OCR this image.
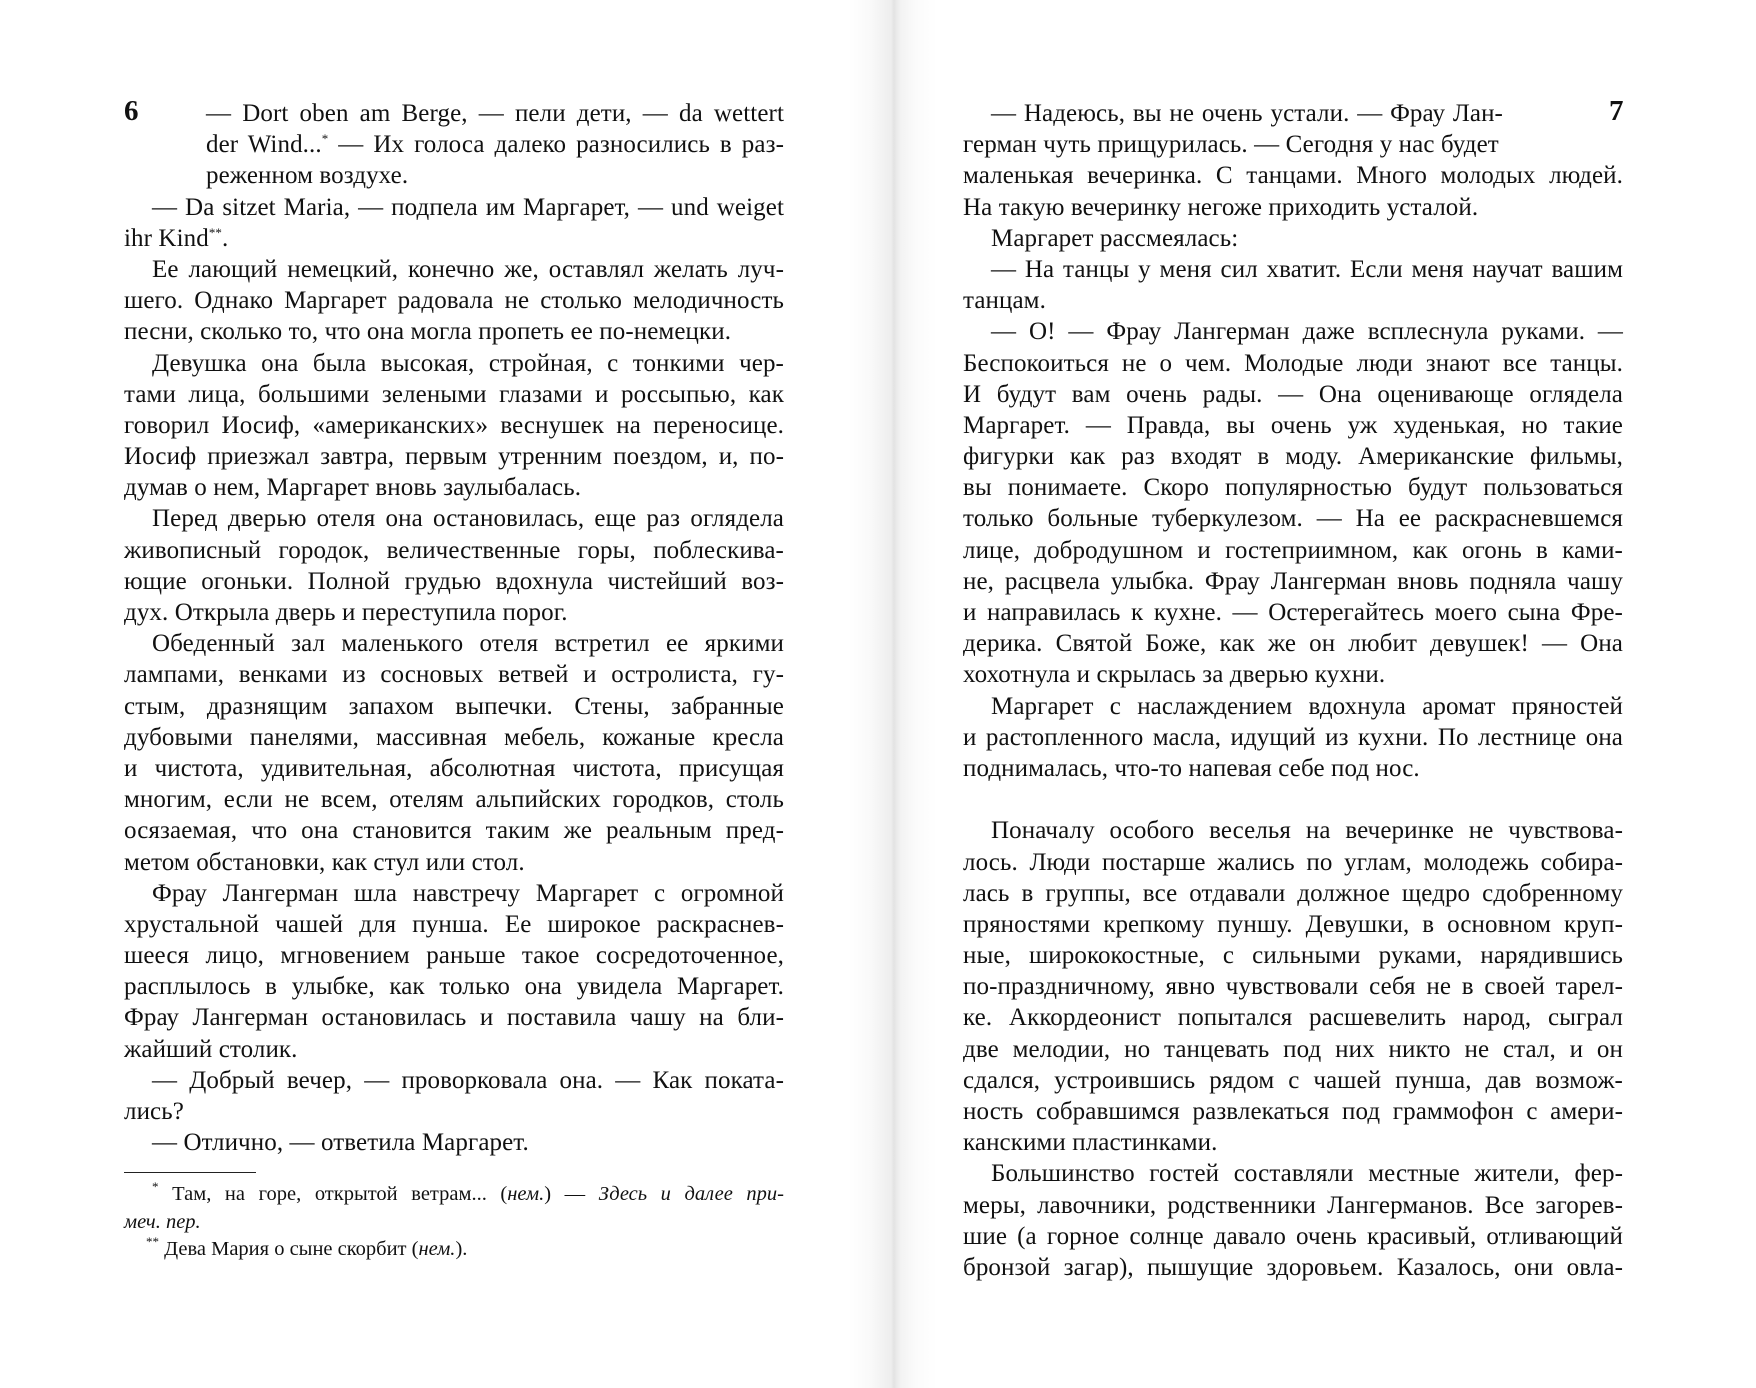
6	— Dort oben am Berge, — пели дети, — da wettert
der Wind...* — Их голоса далеко разносились в раз-
реженном воздухе.
— Da sitzet Maria, — подпела им Маргарет, — und weiget
ihr Kind**.
Ее лающий немецкий, конечно же, оставлял желать луч-
шего. Однако Маргарет радовала не столько мелодичность
песни, сколько то, что она могла пропеть ее по-немецки.
Девушка она была высокая, стройная, с тонкими чер-
тами лица, большими зелеными глазами и россыпью, как
говорил Иосиф, «американских» веснушек на переносице.
Иосиф приезжал завтра, первым утренним поездом, и, по-
думав о нем, Маргарет вновь заулыбалась.
Перед дверью отеля она остановилась, еще раз оглядела
живописный городок, величественные горы, поблескива-
ющие огоньки. Полной грудью вдохнула чистейший воз-
дух. Открыла дверь и переступила порог.
Обеденный зал маленького отеля встретил ее яркими
лампами, венками из сосновых ветвей и остролиста, гу-
стым, дразнящим запахом выпечки. Стены, забранные
дубовыми панелями, массивная мебель, кожаные кресла
и чистота, удивительная, абсолютная чистота, присущая
многим, если не всем, отелям альпийских городков, столь
осязаемая, что она становится таким же реальным пред-
метом обстановки, как стул или стол.
Фрау Лангерман шла навстречу Маргарет с огромной
хрустальной чашей для пунша. Ее широкое раскраснев-
шееся лицо, мгновением раньше такое сосредоточенное,
расплылось в улыбке, как только она увидела Маргарет.
Фрау Лангерман остановилась и поставила чашу на бли-
жайший столик.
— Добрый вечер, — проворковала она. — Как поката-
лись?
— Отлично, — ответила Маргарет.
* Там, на горе, открытой ветрам... (нем.) — Здесь и далее при-
меч. пер.
** Дева Мария о сыне скорбит (нем.).
7
— Надеюсь, вы не очень устали. — Фрау Лан-
герман чуть прищурилась. — Сегодня у нас будет
маленькая вечеринка. С танцами. Много молодых людей.
На такую вечеринку негоже приходить усталой.
Маргарет рассмеялась:
— На танцы у меня сил хватит. Если меня научат вашим
танцам.
— О! — Фрау Лангерман даже всплеснула руками. —
Беспокоиться не о чем. Молодые люди знают все танцы.
И будут вам очень рады. — Она оценивающе оглядела
Маргарет. — Правда, вы очень уж худенькая, но такие
фигурки как раз входят в моду. Американские фильмы,
вы понимаете. Скоро популярностью будут пользоваться
только больные туберкулезом. — На ее раскрасневшемся
лице, добродушном и гостеприимном, как огонь в ками-
не, расцвела улыбка. Фрау Лангерман вновь подняла чашу
и направилась к кухне. — Остерегайтесь моего сына Фре-
дерика. Святой Боже, как же он любит девушек! — Она
хохотнула и скрылась за дверью кухни.
Маргарет с наслаждением вдохнула аромат пряностей
и растопленного масла, идущий из кухни. По лестнице она
поднималась, что-то напевая себе под нос.
Поначалу особого веселья на вечеринке не чувствова-
лось. Люди постарше жались по углам, молодежь собира-
лась в группы, все отдавали должное щедро сдобренному
пряностями крепкому пуншу. Девушки, в основном круп-
ные, ширококостные, с сильными руками, нарядившись
по-праздничному, явно чувствовали себя не в своей тарел-
ке. Аккордеонист попытался расшевелить народ, сыграл
две мелодии, но танцевать под них никто не стал, и он
сдался, устроившись рядом с чашей пунша, дав возмож-
ность собравшимся развлекаться под граммофон с амери-
канскими пластинками.
Большинство гостей составляли местные жители, фер-
меры, лавочники, родственники Лангерманов. Все загорев-
шие (а горное солнце давало очень красивый, отливающий
бронзой загар), пышущие здоровьем. Казалось, они овла-
